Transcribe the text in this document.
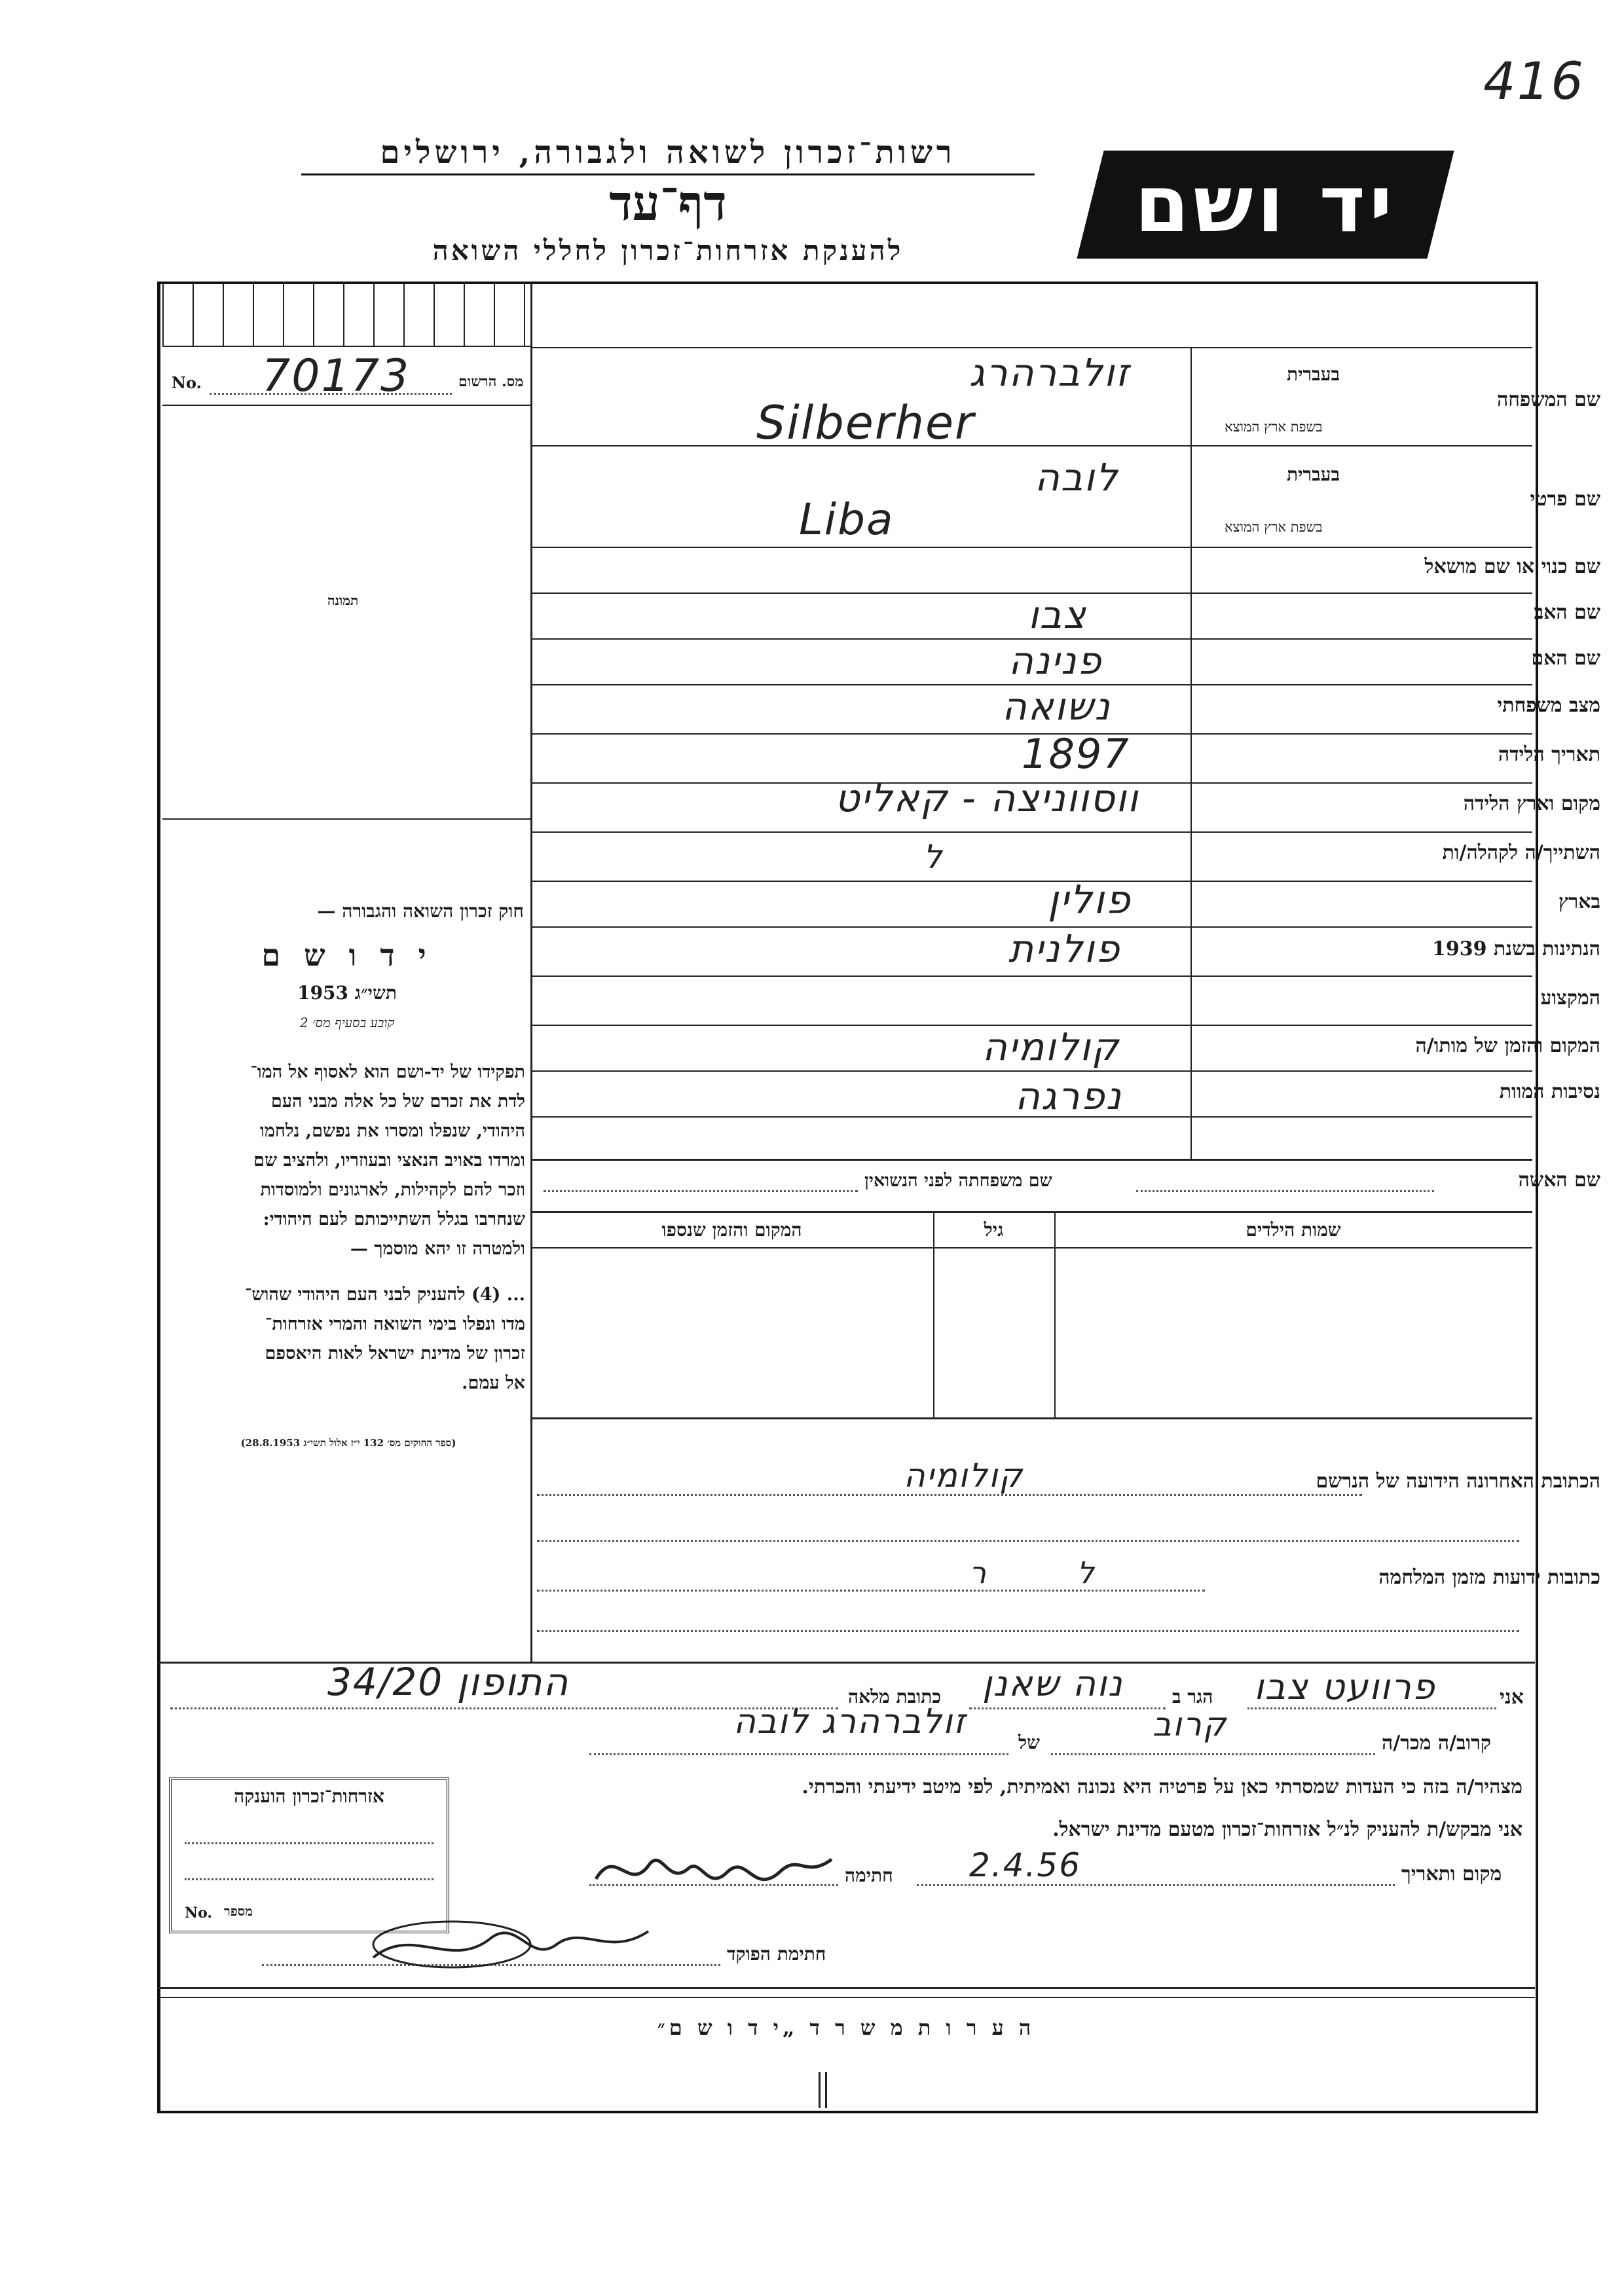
416
רשות־זכרון לשואה ולגבורה, ירושלים
דף־עד
להענקת אזרחות־זכרון לחללי השואה
יד ושם
מס. הרשום
No. 70173
תמונה
חוק זכרון השואה והגבורה —
י ד ו ש ם
תשי״ג 1953
קובע בסעיף מס׳ 2
תפקידו של יד-ושם הוא לאסוף אל המו־
לדת את זכרם של כל אלה מבני העם
היהודי, שנפלו ומסרו את נפשם, נלחמו
ומרדו באויב הנאצי ובעוזריו, ולהציב שם
וזכר להם לקהילות, לארגונים ולמוסדות
שנחרבו בגלל השתייכותם לעם היהודי:
ולמטרה זו יהא מוסמך —
... (4) להעניק לבני העם היהודי שהוש־
מדו ונפלו בימי השואה והמרי אזרחות־
זכרון של מדינת ישראל לאות היאספם
אל עמם.
(ספר החוקים מס׳ 132 י״ז אלול תשי״ג 28.8.1953)
שם המשפחה
בעברית
בשפת ארץ המוצא
זולברהרג
Silberher
שם פרטי
בעברית
בשפת ארץ המוצא
לובה
Liba
שם כנוי או שם מושאל
שם האב
צבו
שם האם
פנינה
מצב משפחתי
נשואה
תאריך הלידה
1897
מקום וארץ הלידה
ווסווניצה - קאליט
השתייך/ה לקהלה/ות
ל
בארץ
פולין
הנתינות בשנת 1939
פולנית
המקצוע
המקום והזמן של מותו/ה
קולומיה
נסיבות המוות
נפרגה
שם האשה
שם משפחתה לפני הנשואין
שמות הילדים
גיל
המקום והזמן שנספו
הכתובת האחרונה הידועה של הנרשם
קולומיה
כתובות ידועות מזמן המלחמה
ל ר
אני
פרוועט צבו
הגר ב
נוה שאנן
כתובת מלאה
התופון 34/20
קרוב/ה מכר/ה
קרוב
של
זולברהרג לובה
מצהיר/ה בזה כי העדות שמסרתי כאן על פרטיה היא נכונה ואמיתית, לפי מיטב ידיעתי והכרתי.
אני מבקש/ת להעניק לנ״ל אזרחות־זכרון מטעם מדינת ישראל.
מקום ותאריך
2.4.56
חתימה
חתימת הפוקד
אזרחות־זכרון הוענקה
No. מספר
ה ע ר ו ת מ ש ר ד „י ד ו ש ם״
